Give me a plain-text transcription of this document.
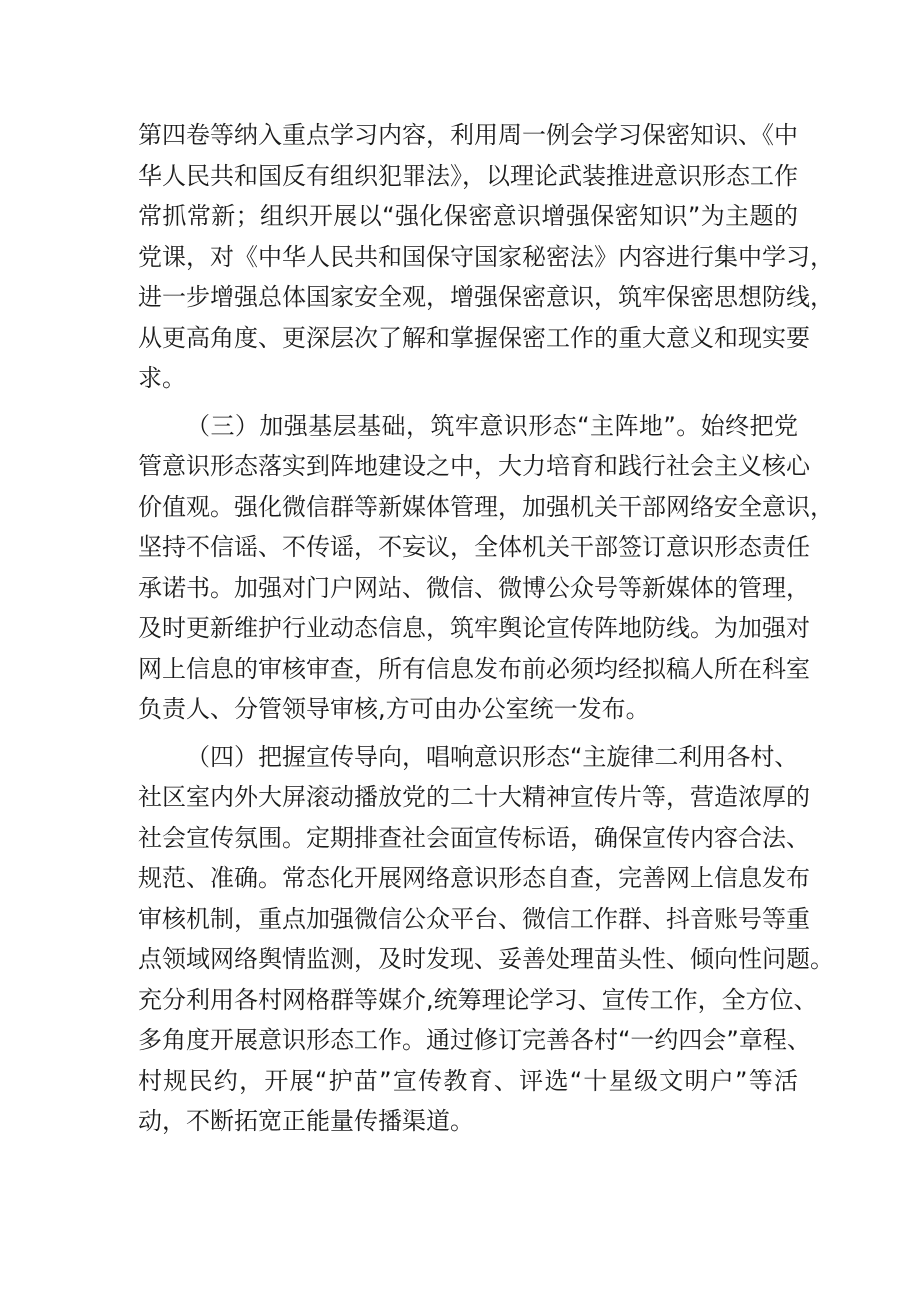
第四卷等纳入重点学习内容，利用周一例会学习保密知识、《中
华人民共和国反有组织犯罪法》，以理论武装推进意识形态工作
常抓常新；组织开展以“强化保密意识增强保密知识”为主题的
党课，对《中华人民共和国保守国家秘密法》内容进行集中学习，
进一步增强总体国家安全观，增强保密意识，筑牢保密思想防线，
从更高角度、更深层次了解和掌握保密工作的重大意义和现实要
求。
（三）加强基层基础，筑牢意识形态“主阵地”。始终把党
管意识形态落实到阵地建设之中，大力培育和践行社会主义核心
价值观。强化微信群等新媒体管理，加强机关干部网络安全意识，
坚持不信谣、不传谣，不妄议，全体机关干部签订意识形态责任
承诺书。加强对门户网站、微信、微博公众号等新媒体的管理，
及时更新维护行业动态信息，筑牢舆论宣传阵地防线。为加强对
网上信息的审核审查，所有信息发布前必须均经拟稿人所在科室
负责人、分管领导审核,方可由办公室统一发布。
（四）把握宣传导向，唱响意识形态“主旋律二利用各村、
社区室内外大屏滚动播放党的二十大精神宣传片等，营造浓厚的
社会宣传氛围。定期排查社会面宣传标语，确保宣传内容合法、
规范、准确。常态化开展网络意识形态自查，完善网上信息发布
审核机制，重点加强微信公众平台、微信工作群、抖音账号等重
点领域网络舆情监测，及时发现、妥善处理苗头性、倾向性问题。
充分利用各村网格群等媒介,统筹理论学习、宣传工作，全方位、
多角度开展意识形态工作。通过修订完善各村“一约四会”章程、
村规民约，开展“护苗”宣传教育、评选“十星级文明户”等活
动，不断拓宽正能量传播渠道。
